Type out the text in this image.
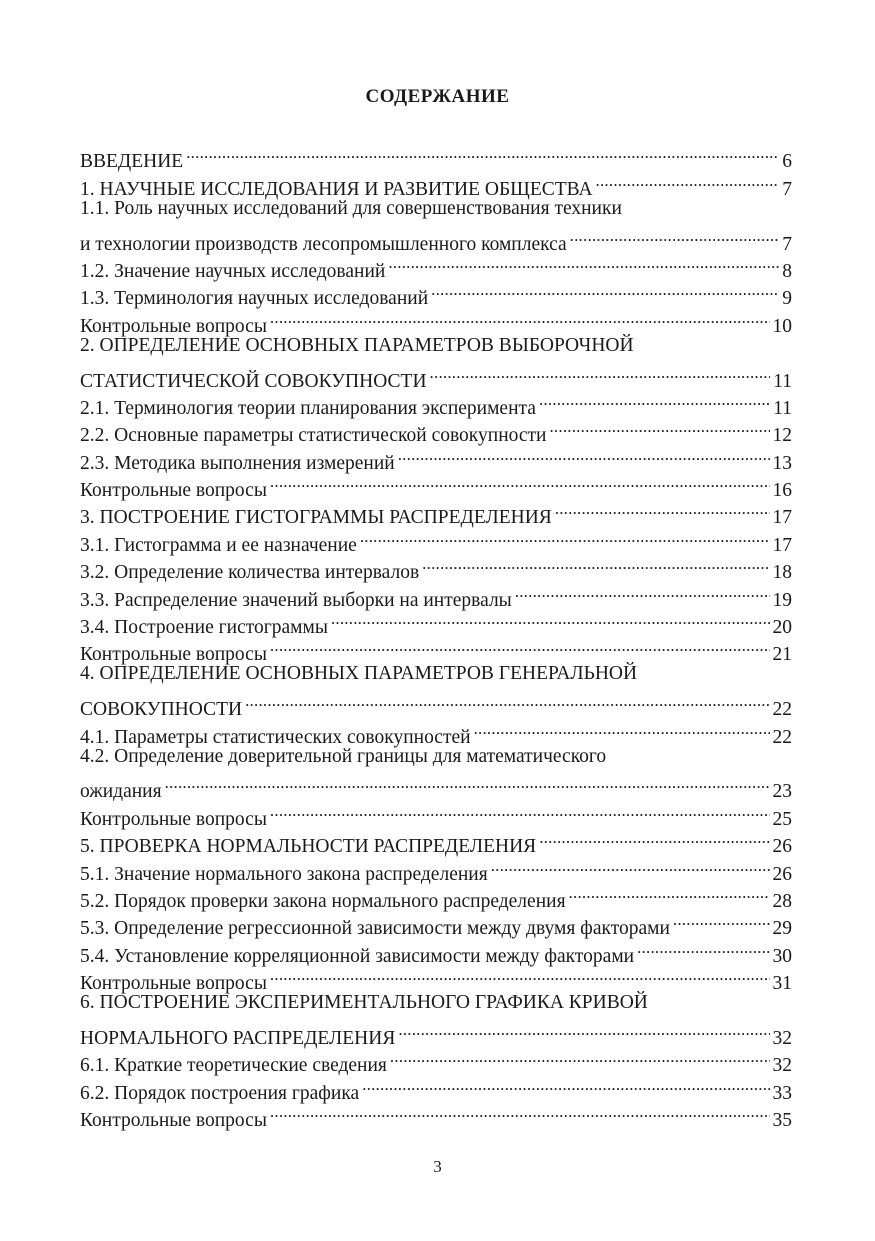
СОДЕРЖАНИЕ
ВВЕДЕНИЕ .....	6
1. НАУЧНЫЕ ИССЛЕДОВАНИЯ И РАЗВИТИЕ ОБЩЕСТВА .....	7
1.1. Роль научных исследований для совершенствования техники
и технологии производств лесопромышленного комплекса .....	7
1.2. Значение научных исследований .....	8
1.3. Терминология научных исследований .....	9
Контрольные вопросы .....	10
2. ОПРЕДЕЛЕНИЕ ОСНОВНЫХ ПАРАМЕТРОВ ВЫБОРОЧНОЙ
СТАТИСТИЧЕСКОЙ СОВОКУПНОСТИ .....	11
2.1. Терминология теории планирования эксперимента .....	11
2.2. Основные параметры статистической совокупности .....	12
2.3. Методика выполнения измерений .....	13
Контрольные вопросы .....	16
3. ПОСТРОЕНИЕ ГИСТОГРАММЫ РАСПРЕДЕЛЕНИЯ .....	17
3.1. Гистограмма и ее назначение .....	17
3.2. Определение количества интервалов .....	18
3.3. Распределение значений выборки на интервалы .....	19
3.4. Построение гистограммы .....	20
Контрольные вопросы .....	21
4. ОПРЕДЕЛЕНИЕ ОСНОВНЫХ ПАРАМЕТРОВ ГЕНЕРАЛЬНОЙ
СОВОКУПНОСТИ .....	22
4.1. Параметры статистических совокупностей .....	22
4.2. Определение доверительной границы для математического
ожидания .....	23
Контрольные вопросы .....	25
5. ПРОВЕРКА НОРМАЛЬНОСТИ РАСПРЕДЕЛЕНИЯ .....	26
5.1. Значение нормального закона распределения .....	26
5.2. Порядок проверки закона нормального распределения .....	28
5.3. Определение регрессионной зависимости между двумя факторами .....	29
5.4. Установление корреляционной зависимости между факторами .....	30
Контрольные вопросы .....	31
6. ПОСТРОЕНИЕ ЭКСПЕРИМЕНТАЛЬНОГО ГРАФИКА КРИВОЙ
НОРМАЛЬНОГО РАСПРЕДЕЛЕНИЯ .....	32
6.1. Краткие теоретические сведения .....	32
6.2. Порядок построения графика .....	33
Контрольные вопросы .....	35
3
